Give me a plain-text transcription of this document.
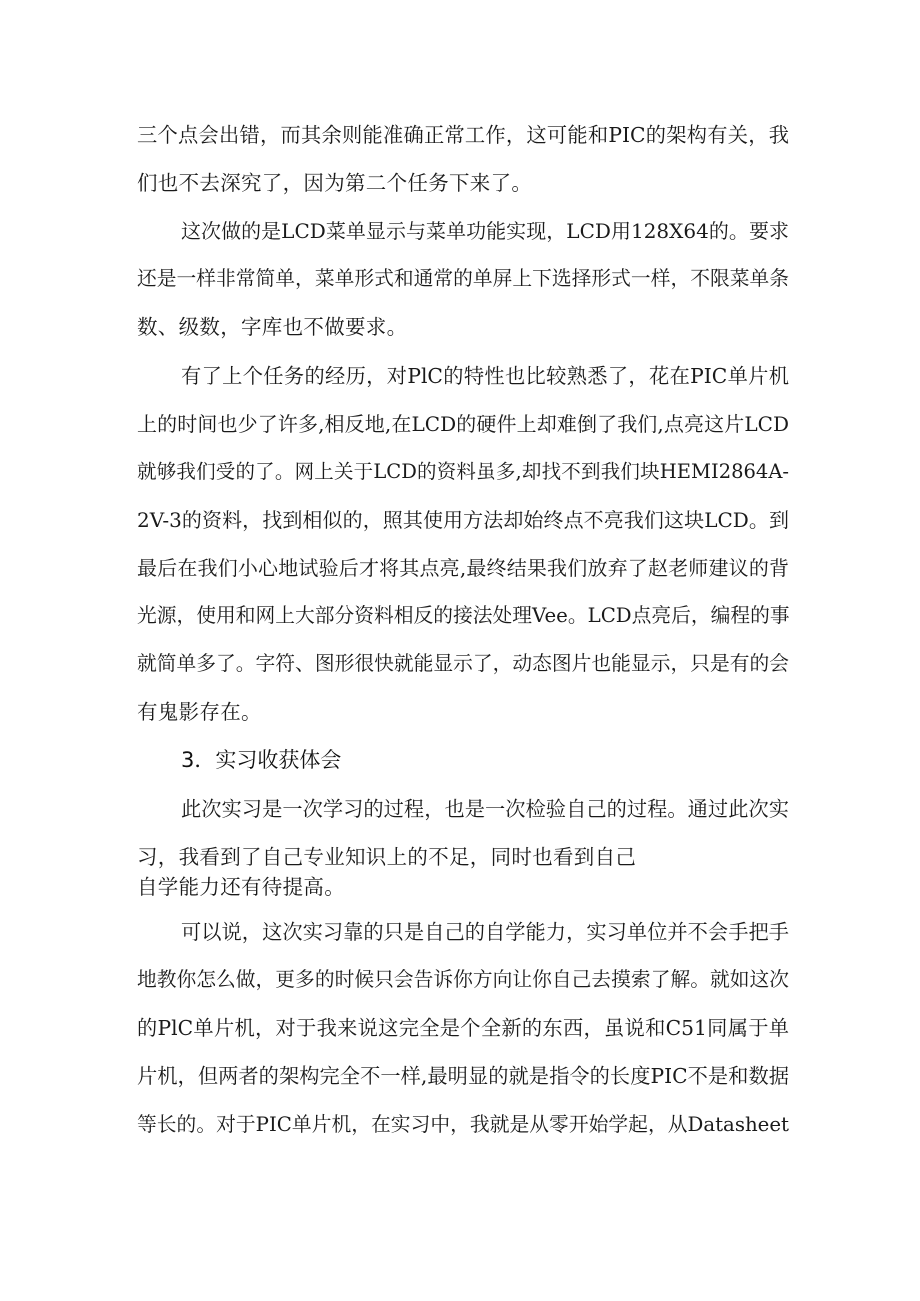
三个点会出错，而其余则能准确正常工作，这可能和PIC的架构有关，我
们也不去深究了，因为第二个任务下来了。
这次做的是LCD菜单显示与菜单功能实现，LCD用128X64的。要求
还是一样非常简单，菜单形式和通常的单屏上下选择形式一样，不限菜单条
数、级数，字库也不做要求。
有了上个任务的经历，对PlC的特性也比较熟悉了，花在PIC单片机
上的时间也少了许多,相反地,在LCD的硬件上却难倒了我们,点亮这片LCD
就够我们受的了。网上关于LCD的资料虽多,却找不到我们块HEMI2864A-
2V-3的资料，找到相似的，照其使用方法却始终点不亮我们这块LCD。到
最后在我们小心地试验后才将其点亮,最终结果我们放弃了赵老师建议的背
光源，使用和网上大部分资料相反的接法处理Vee。LCD点亮后，编程的事
就简单多了。字符、图形很快就能显示了，动态图片也能显示，只是有的会
有鬼影存在。
3．实习收获体会
此次实习是一次学习的过程，也是一次检验自己的过程。通过此次实
习，我看到了自己专业知识上的不足，同时也看到自己
自学能力还有待提高。
可以说，这次实习靠的只是自己的自学能力，实习单位并不会手把手
地教你怎么做，更多的时候只会告诉你方向让你自己去摸索了解。就如这次
的PlC单片机，对于我来说这完全是个全新的东西，虽说和C51同属于单
片机，但两者的架构完全不一样,最明显的就是指令的长度PIC不是和数据
等长的。对于PIC单片机，在实习中，我就是从零开始学起，从Datasheet
